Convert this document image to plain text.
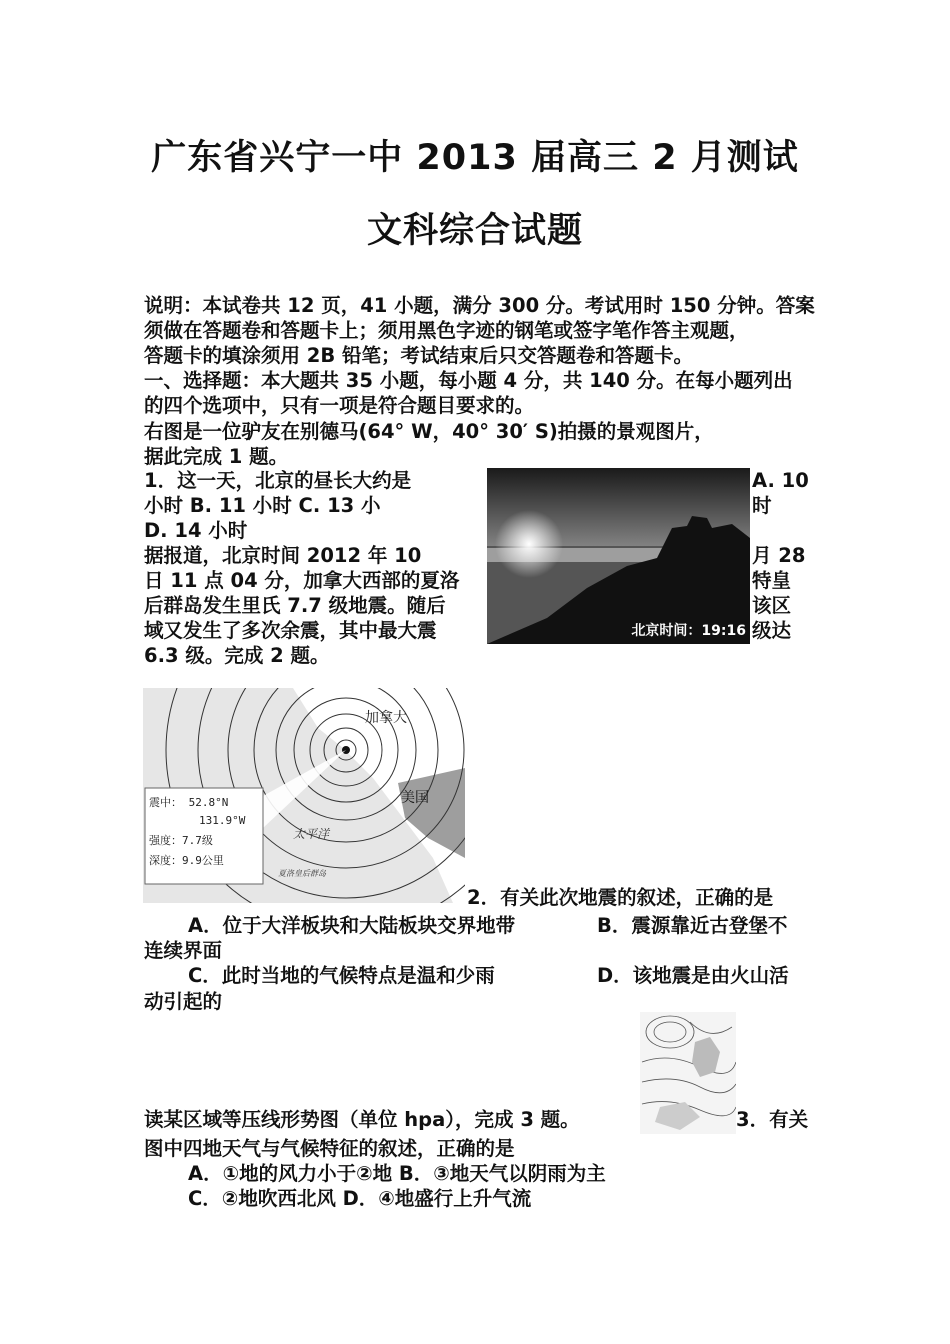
广东省兴宁一中 2013 届高三 2 月测试
文科综合试题
说明：本试卷共 12 页，41 小题，满分 300 分。考试用时 150 分钟。答案
须做在答题卷和答题卡上；须用黑色字迹的钢笔或签字笔作答主观题，
答题卡的填涂须用 2B 铅笔；考试结束后只交答题卷和答题卡。
一、选择题：本大题共 35 小题，每小题 4 分，共 140 分。在每小题列出
的四个选项中，只有一项是符合题目要求的。
右图是一位驴友在别德马(64° W，40° 30′ S)拍摄的景观图片，
据此完成 1 题。
1．这一天，北京的昼长大约是	A. 10
小时 B. 11 小时 C. 13 小	时
D. 14 小时
据报道，北京时间 2012 年 10	月 28
日 11 点 04 分，加拿大西部的夏洛	特皇
后群岛发生里氏 7.7 级地震。随后	该区
域又发生了多次余震，其中最大震	级达
6.3 级。完成 2 题。
北京时间：19:16
加拿大
美国
太平洋
夏洛皇后群岛
震中： 52.8°N
131.9°W
强度：7.7级
深度：9.9公里
2．有关此次地震的叙述，正确的是
A．位于大洋板块和大陆板块交界地带	B．震源靠近古登堡不
连续界面
C．此时当地的气候特点是温和少雨	D．该地震是由火山活
动引起的
读某区域等压线形势图（单位 hpa），完成 3 题。	3．有关
图中四地天气与气候特征的叙述，正确的是
A．①地的风力小于②地 B．③地天气以阴雨为主
C．②地吹西北风 D．④地盛行上升气流
